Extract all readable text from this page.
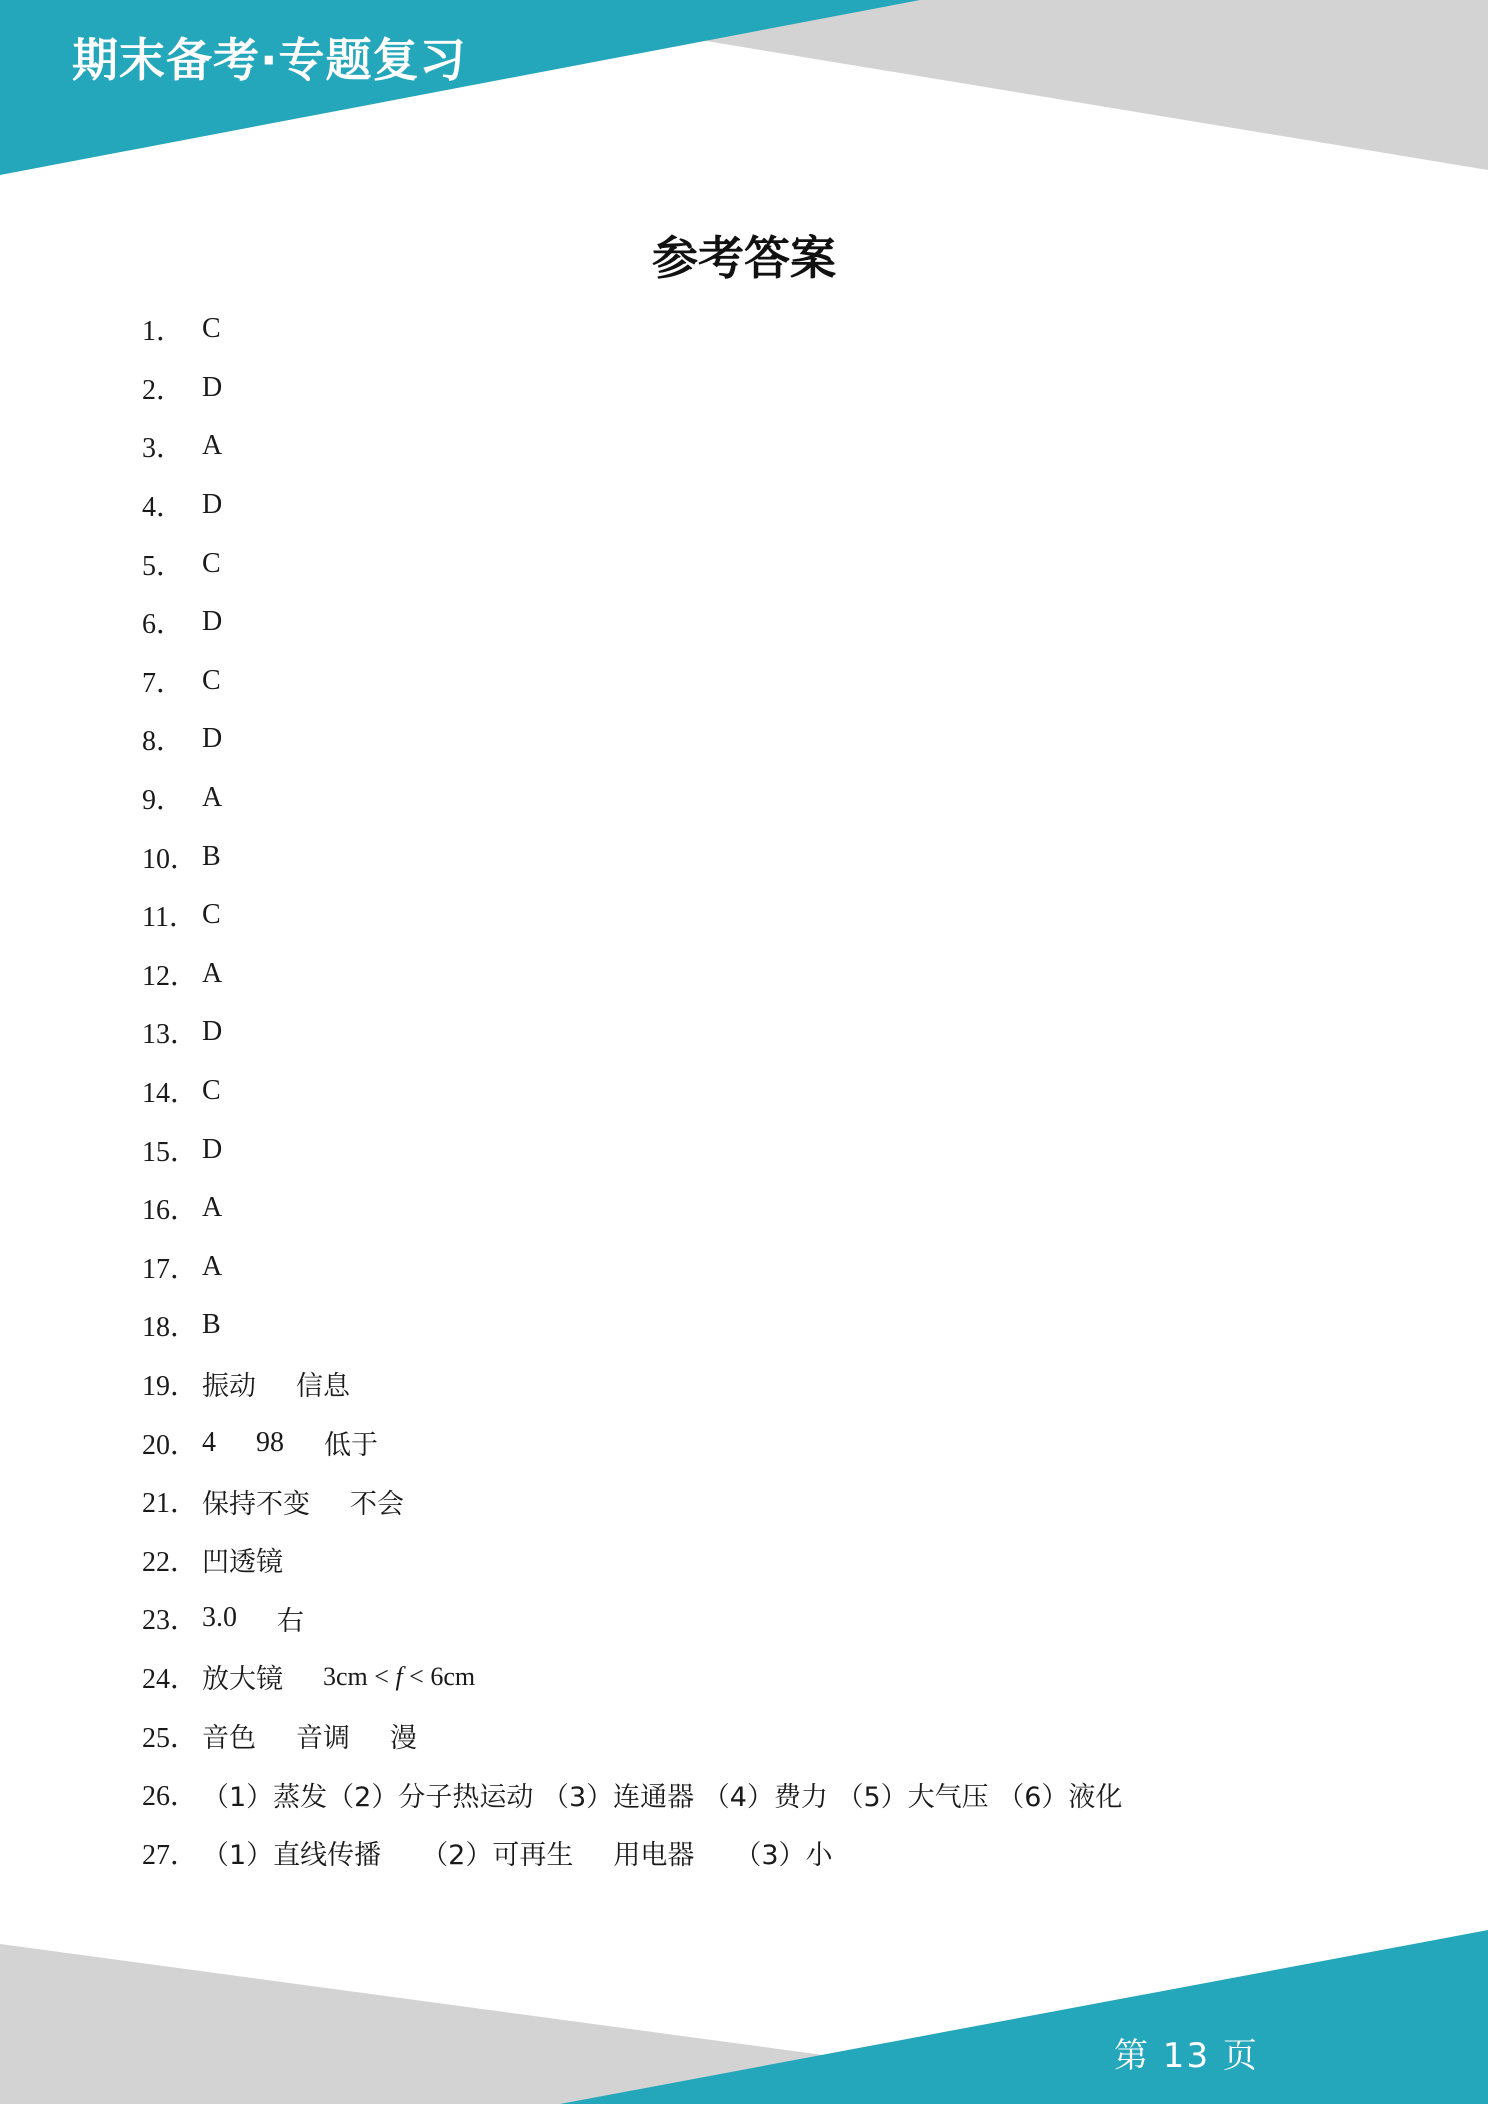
期末备考·专题复习
参考答案
1． C
2． D
3． A
4． D
5． C
6． D
7． C
8． D
9． A
10． B
11． C
12． A
13． D
14． C
15． D
16． A
17． A
18． B
19． 振动 信息
20． 4 98 低于
21． 保持不变 不会
22． 凹透镜
23． 3.0 右
24． 放大镜 3cm < f < 6cm
25． 音色 音调 漫
26． （1）蒸发（2）分子热运动 （3）连通器 （4）费力 （5）大气压 （6）液化
27． （1）直线传播 （2）可再生 用电器 （3）小
第 13 页
